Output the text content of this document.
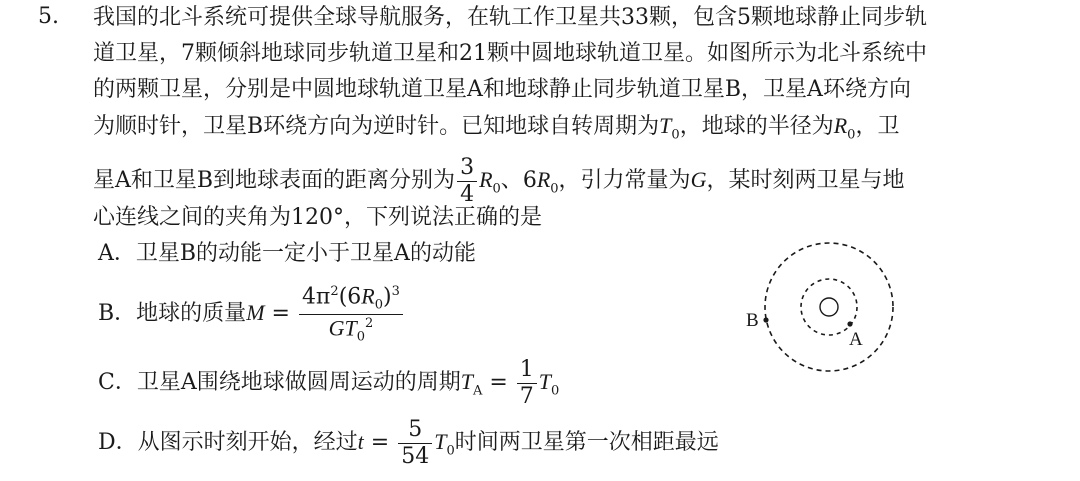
5. 我国的北斗系统可提供全球导航服务，在轨工作卫星共33颗，包含5颗地球静止同步轨
道卫星，7颗倾斜地球同步轨道卫星和21颗中圆地球轨道卫星。如图所示为北斗系统中
的两颗卫星，分别是中圆地球轨道卫星A和地球静止同步轨道卫星B，卫星A环绕方向
为顺时针，卫星B环绕方向为逆时针。已知地球自转周期为$T_0$，地球的半径为$R_0$，卫
星A和卫星B到地球表面的距离分别为 $\frac{3}{4} R_0$、$6R_0$，引力常量为G，某时刻两卫星与地
心连线之间的夹角为120°，下列说法正确的是
A．卫星B的动能一定小于卫星A的动能
B．地球的质量$M = \frac{4\pi^2(6R_0)^3}{GT_0^2}$
C．卫星A围绕地球做圆周运动的周期$T_A = \frac{1}{7} T_0$
D．从图示时刻开始，经过$t = \frac{5}{54} T_0$时间两卫星第一次相距最远
B
A
